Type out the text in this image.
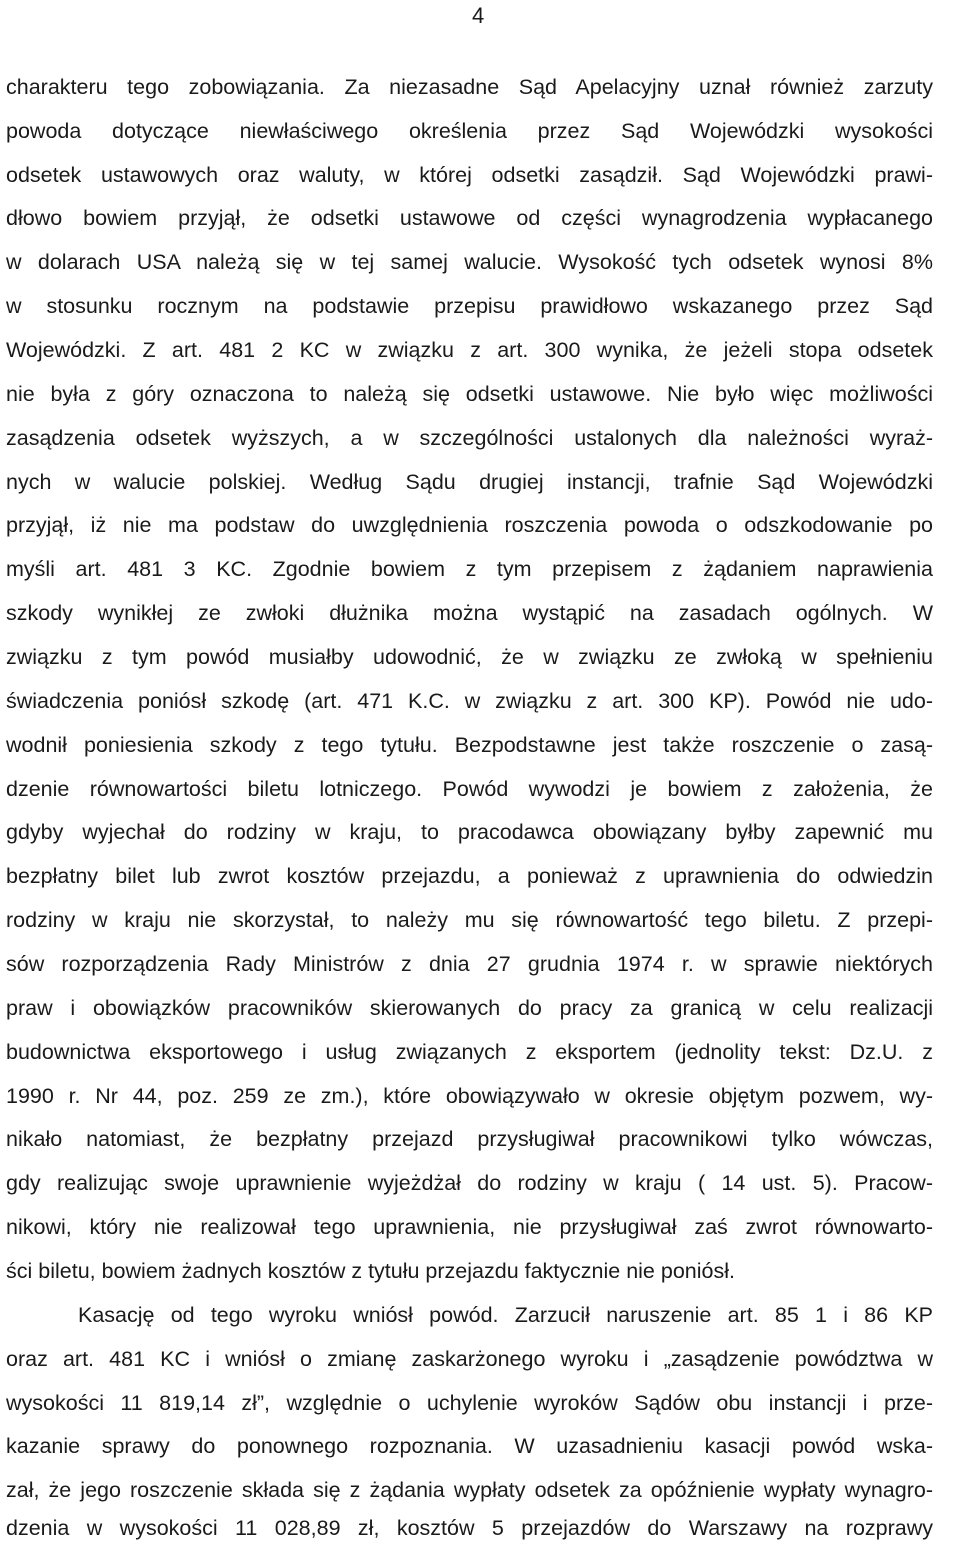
4
charakteru tego zobowiązania. Za niezasadne Sąd Apelacyjny uznał również zarzuty
powoda dotyczące niewłaściwego określenia przez Sąd Wojewódzki wysokości
odsetek ustawowych oraz waluty, w której odsetki zasądził. Sąd Wojewódzki prawi-
dłowo bowiem przyjął, że odsetki ustawowe od części wynagrodzenia wypłacanego
w dolarach USA należą się w tej samej walucie. Wysokość tych odsetek wynosi 8%
w stosunku rocznym na podstawie przepisu prawidłowo wskazanego przez Sąd
Wojewódzki. Z art. 481 2 KC w związku z art. 300 wynika, że jeżeli stopa odsetek
nie była z góry oznaczona to należą się odsetki ustawowe. Nie było więc możliwości
zasądzenia odsetek wyższych, a w szczególności ustalonych dla należności wyraż-
nych w walucie polskiej. Według Sądu drugiej instancji, trafnie Sąd Wojewódzki
przyjął, iż nie ma podstaw do uwzględnienia roszczenia powoda o odszkodowanie po
myśli art. 481 3 KC. Zgodnie bowiem z tym przepisem z żądaniem naprawienia
szkody wynikłej ze zwłoki dłużnika można wystąpić na zasadach ogólnych. W
związku z tym powód musiałby udowodnić, że w związku ze zwłoką w spełnieniu
świadczenia poniósł szkodę (art. 471 K.C. w związku z art. 300 KP). Powód nie udo-
wodnił poniesienia szkody z tego tytułu. Bezpodstawne jest także roszczenie o zasą-
dzenie równowartości biletu lotniczego. Powód wywodzi je bowiem z założenia, że
gdyby wyjechał do rodziny w kraju, to pracodawca obowiązany byłby zapewnić mu
bezpłatny bilet lub zwrot kosztów przejazdu, a ponieważ z uprawnienia do odwiedzin
rodziny w kraju nie skorzystał, to należy mu się równowartość tego biletu. Z przepi-
sów rozporządzenia Rady Ministrów z dnia 27 grudnia 1974 r. w sprawie niektórych
praw i obowiązków pracowników skierowanych do pracy za granicą w celu realizacji
budownictwa eksportowego i usług związanych z eksportem (jednolity tekst: Dz.U. z
1990 r. Nr 44, poz. 259 ze zm.), które obowiązywało w okresie objętym pozwem, wy-
nikało natomiast, że bezpłatny przejazd przysługiwał pracownikowi tylko wówczas,
gdy realizując swoje uprawnienie wyjeżdżał do rodziny w kraju ( 14 ust. 5). Pracow-
nikowi, który nie realizował tego uprawnienia, nie przysługiwał zaś zwrot równowarto-
ści biletu, bowiem żadnych kosztów z tytułu przejazdu faktycznie nie poniósł.
Kasację od tego wyroku wniósł powód. Zarzucił naruszenie art. 85 1 i 86 KP
oraz art. 481 KC i wniósł o zmianę zaskarżonego wyroku i „zasądzenie powództwa w
wysokości 11 819,14 zł”, względnie o uchylenie wyroków Sądów obu instancji i prze-
kazanie sprawy do ponownego rozpoznania. W uzasadnieniu kasacji powód wska-
zał, że jego roszczenie składa się z żądania wypłaty odsetek za opóźnienie wypłaty wynagro-
dzenia w wysokości 11 028,89 zł, kosztów 5 przejazdów do Warszawy na rozprawy
